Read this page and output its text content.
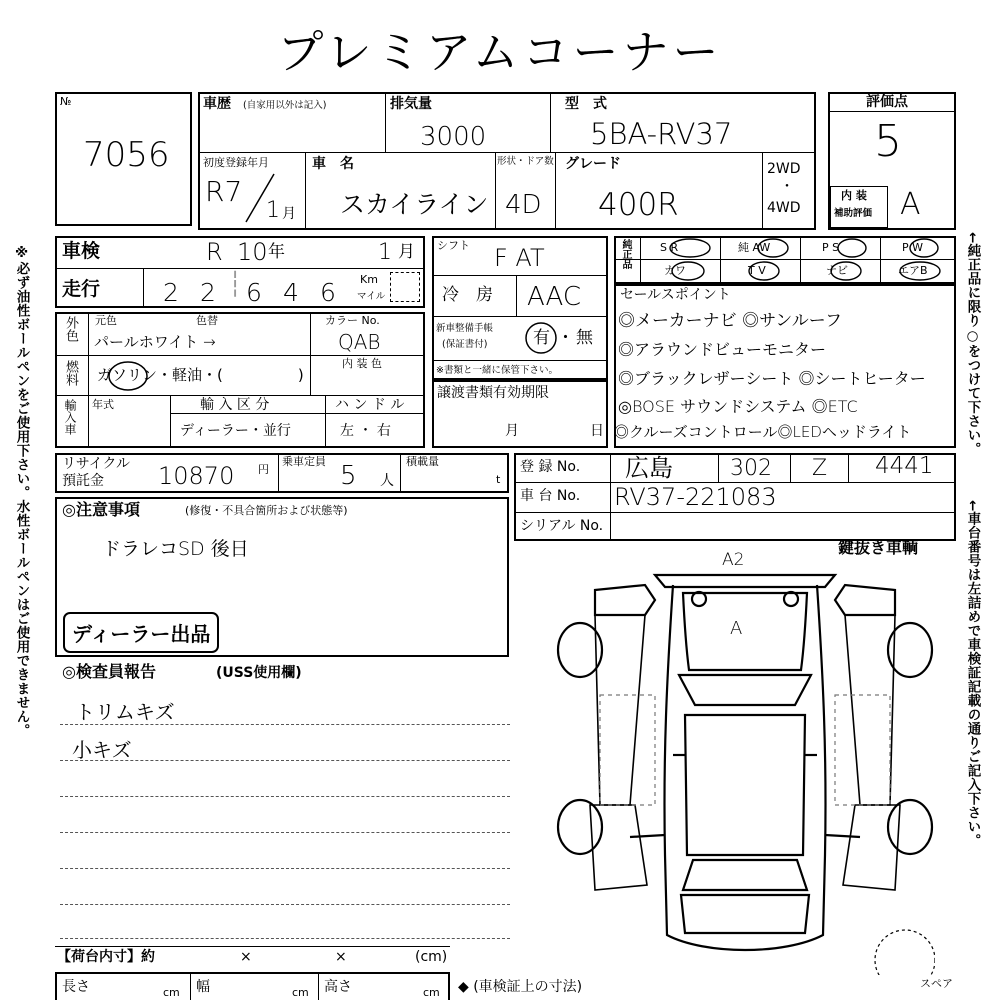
プレミアムコーナー
※必ず油性ボールペンをご使用下さい。水性ボールペンはご使用できません。	←純正品に限り○をつけて下さい。
←車台番号は左詰めで車検証記載の通りご記入下さい。
№
7056
車歴 (自家用以外は記入)	排気量
3000
型　式
5BA-RV37
初度登録年月
R7
1 月
車　名
スカイライン
形状・ドア数
4D
グレード
400R
2WD
・
4WD
評価点
5
内 装
補助評価 A
車検	R 10 年	1 月
走行	2 2 6 4 6
┆	Km
マイル
シフト F AT
冷　房 AAC
新車整備手帳
(保証書付)	有 ・ 無
※書類と一緒に保管下さい。
純正品	S R	純 AW	P S	P W
カワ	T V	ナビ	エアB
セールスポイント
◎メーカーナビ ◎サンルーフ
◎アラウンドビューモニター
◎ブラックレザーシート ◎シートヒーター
◎BOSE サウンドシステム ◎ETC
◎クルーズコントロール◎LEDヘッドライト
外色 元色	色替
パールホワイト →
カラー No.
QAB
燃料 ガソリン・軽油・(　　　　　)
内 装 色
輸入車 年式	輸 入 区 分
ディーラー・並行
ハ ン ド ル
左 ・ 右
譲渡書類有効期限
月	日
リサイクル
預託金 10870 円
乗車定員 5 人
積載量
t
登 録 No. 広島	302 Z 4441
車 台 No. RV37-221083
シリアル No.
◎注意事項	(修復・不具合箇所および状態等)
ドラレコSD 後日
ディーラー出品
◎検査員報告	(USS使用欄)
トリムキズ
小キズ
鍵抜き車輌
A2
A
スペア
【荷台内寸】約	×	×	(cm)
長さ	cm 幅	cm 高さ	cm ◆ (車検証上の寸法)
